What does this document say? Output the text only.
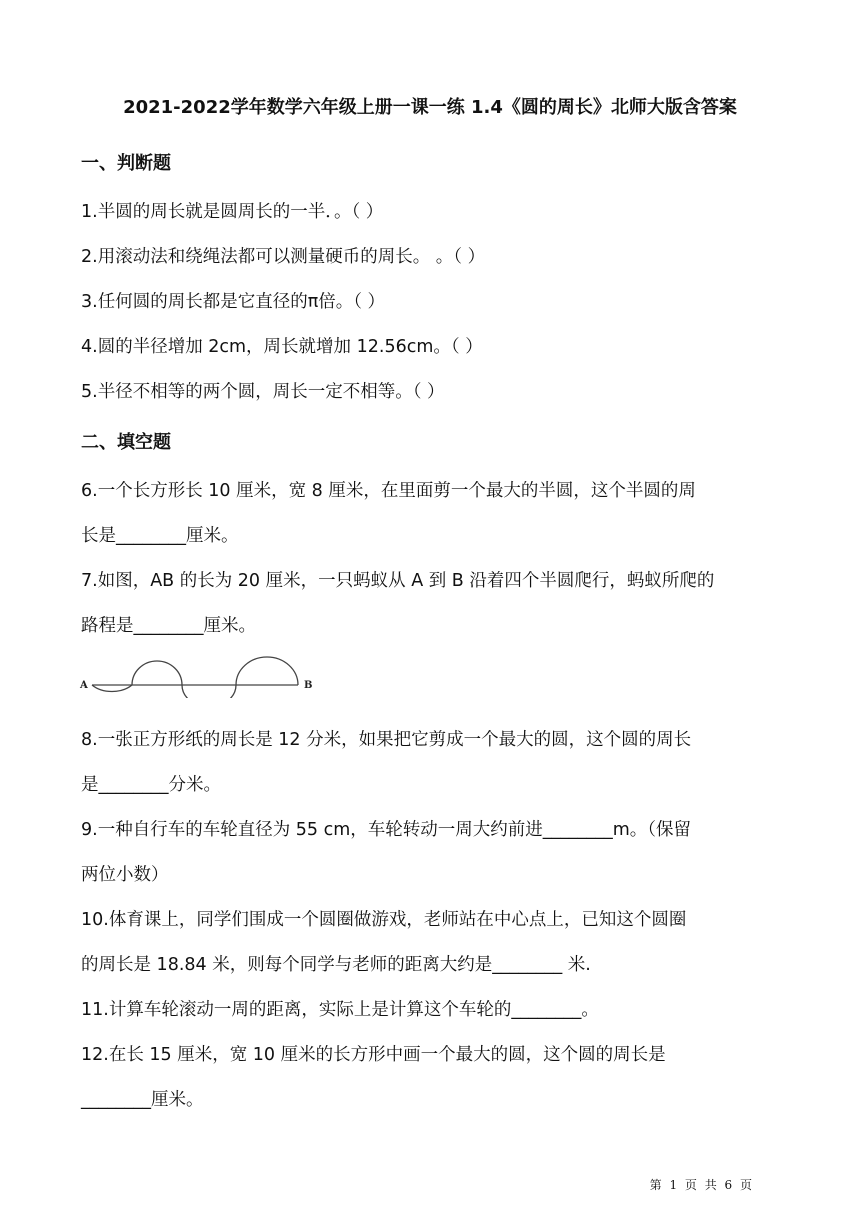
2021-2022学年数学六年级上册一课一练 1.4《圆的周长》北师大版含答案
一、判断题
1.半圆的周长就是圆周长的一半．。（ ）
2.用滚动法和绕绳法都可以测量硬币的周长。 。（ ）
3.任何圆的周长都是它直径的π倍。（ ）
4.圆的半径增加 2cm，周长就增加 12.56cm。（ ）
5.半径不相等的两个圆，周长一定不相等。（ ）
二、填空题
6.一个长方形长 10 厘米，宽 8 厘米，在里面剪一个最大的半圆，这个半圆的周
长是________厘米。
7.如图，AB 的长为 20 厘米，一只蚂蚁从 A 到 B 沿着四个半圆爬行，蚂蚁所爬的
路程是________厘米。
A	B
8.一张正方形纸的周长是 12 分米，如果把它剪成一个最大的圆，这个圆的周长
是________分米。
9.一种自行车的车轮直径为 55 cm，车轮转动一周大约前进________m。（保留
两位小数）
10.体育课上，同学们围成一个圆圈做游戏，老师站在中心点上，已知这个圆圈
的周长是 18.84 米，则每个同学与老师的距离大约是________ 米.
11.计算车轮滚动一周的距离，实际上是计算这个车轮的________。
12.在长 15 厘米，宽 10 厘米的长方形中画一个最大的圆，这个圆的周长是
________厘米。
第 1 页 共 6 页
